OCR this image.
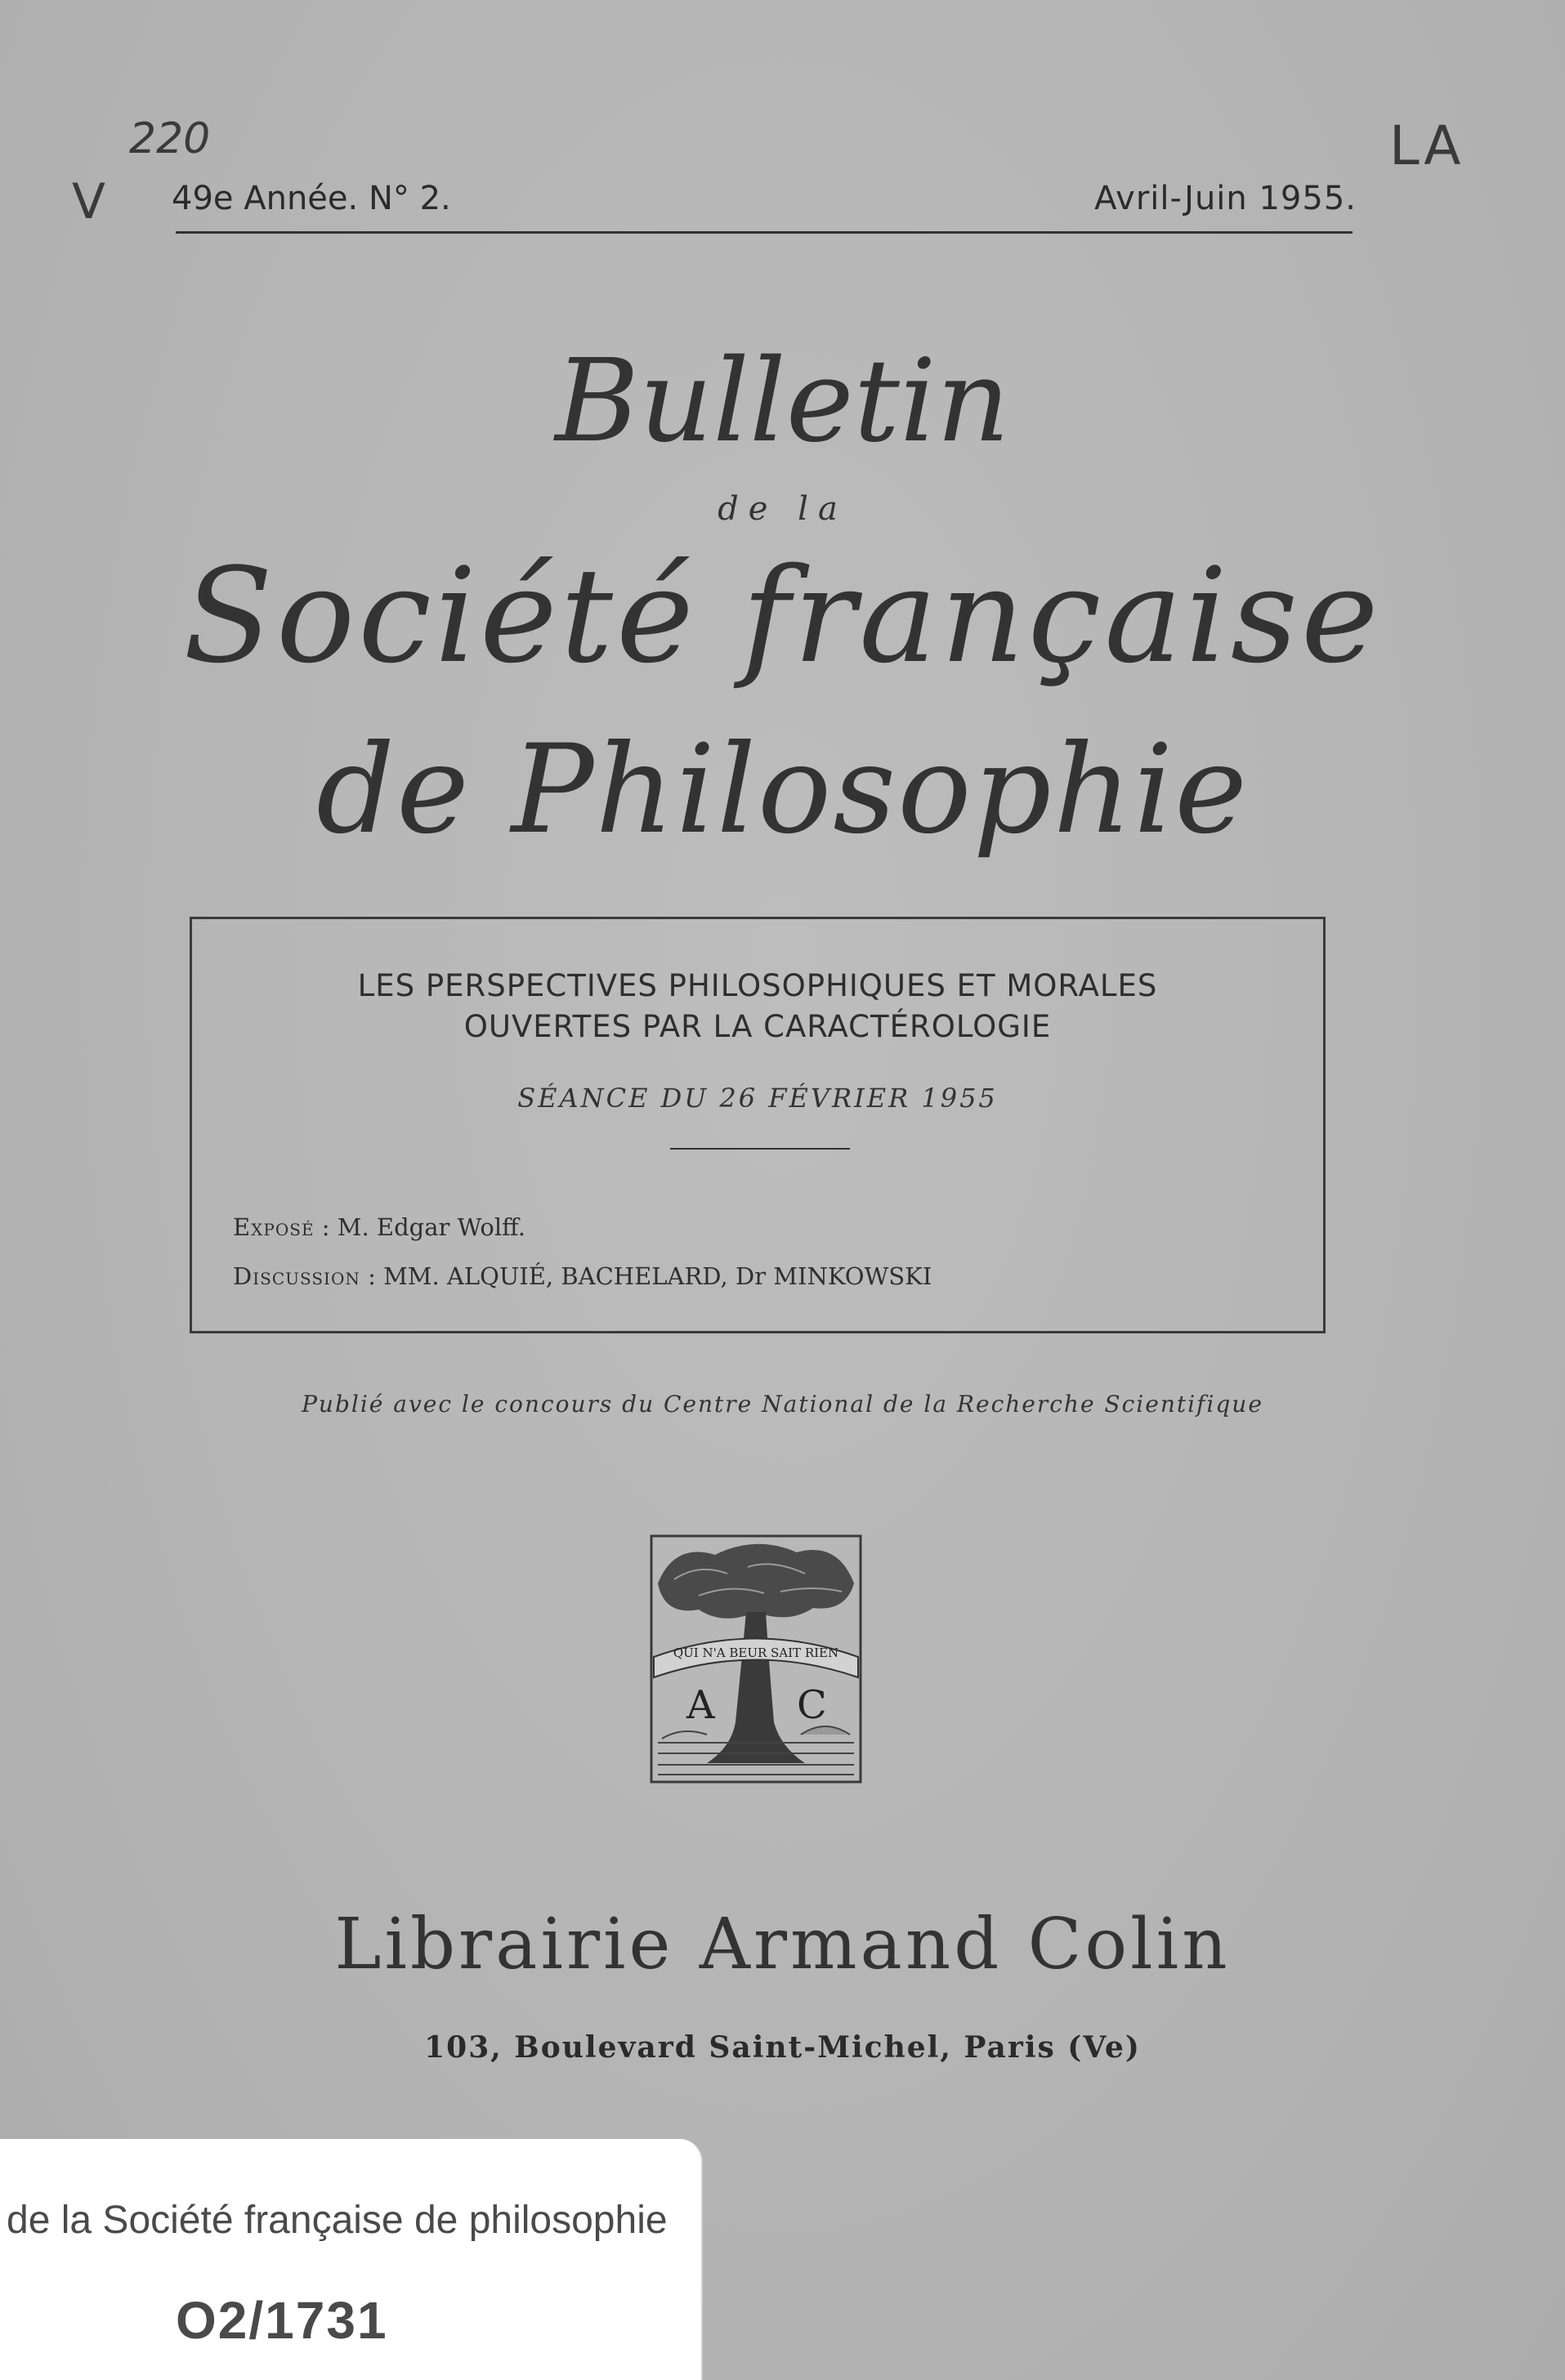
220
V
LA
49e Année. N° 2.	Avril-Juin 1955.
Bulletin
de la
Société française
de Philosophie
LES PERSPECTIVES PHILOSOPHIQUES ET MORALES
OUVERTES PAR LA CARACTÉROLOGIE
SÉANCE DU 26 FÉVRIER 1955
Exposé : M. Edgar Wolff.
Discussion : MM. ALQUIÉ, BACHELARD, Dr MINKOWSKI
Publié avec le concours du Centre National de la Recherche Scientifique
QUI N'A BEUR SAIT RIEN
A C
Librairie Armand Colin
103, Boulevard Saint-Michel, Paris (Ve)
de la Société française de philosophie
O2/1731
